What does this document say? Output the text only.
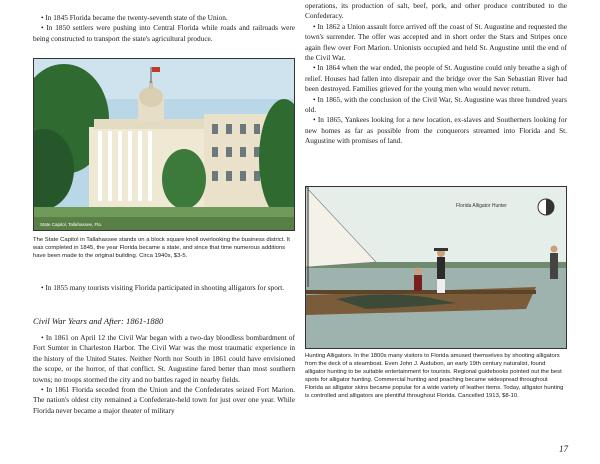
• In 1845 Florida became the twenty-seventh state of the Union.

• In 1850 settlers were pushing into Central Florida while roads and railroads were being constructed to transport the state's agricultural produce.

State Capitol, Tallahassee, Fla.

The State Capitol in Tallahassee stands on a block square knoll overlooking the business district. It was completed in 1845, the year Florida became a state, and since that time numerous additions have been made to the original building. Circa 1940s, $3-5.

• In 1855 many tourists visiting Florida participated in shooting alligators for sport.

Civil War Years and After: 1861-1880

• In 1861 on April 12 the Civil War began with a two-day bloodless bombardment of Fort Sumter in Charleston Harbor. The Civil War was the most traumatic experience in the history of the United States. Neither North nor South in 1861 could have envisioned the scope, or the horror, of that conflict. St. Augustine fared better than most southern towns; no troops stormed the city and no battles raged in nearby fields.

• In 1861 Florida seceded from the Union and the Confederates seized Fort Marion. The nation's oldest city remained a Confederate-held town for just over one year. While Florida never became a major theater of military

operations, its production of salt, beef, pork, and other produce contributed to the Confederacy.

• In 1862 a Union assault force arrived off the coast of St. Augustine and requested the town's surrender. The offer was accepted and in short order the Stars and Stripes once again flew over Fort Marion. Unionists occupied and held St. Augustine until the end of the Civil War.

• In 1864 when the war ended, the people of St. Augustine could only breathe a sigh of relief. Houses had fallen into disrepair and the bridge over the San Sebastian River had been destroyed. Families grieved for the young men who would never return.

• In 1865, with the conclusion of the Civil War, St. Augustine was three hundred years old.

• In 1865, Yankees looking for a new location, ex-slaves and Southerners looking for new homes as far as possible from the conquerors streamed into Florida and St. Augustine with promises of land.

Florida Alligator Hunter

Hunting Alligators. In the 1800s many visitors to Florida amused themselves by shooting alligators from the deck of a steamboat. Even John J. Audubon, an early 19th century naturalist, found alligator hunting to be suitable entertainment for tourists. Regional guidebooks pointed out the best spots for alligator hunting. Commercial hunting and poaching became widespread throughout Florida as alligator skins became popular for a wide variety of leather items. Today, alligator hunting is controlled and alligators are plentiful throughout Florida. Cancelled 1913, $8-10.

17
